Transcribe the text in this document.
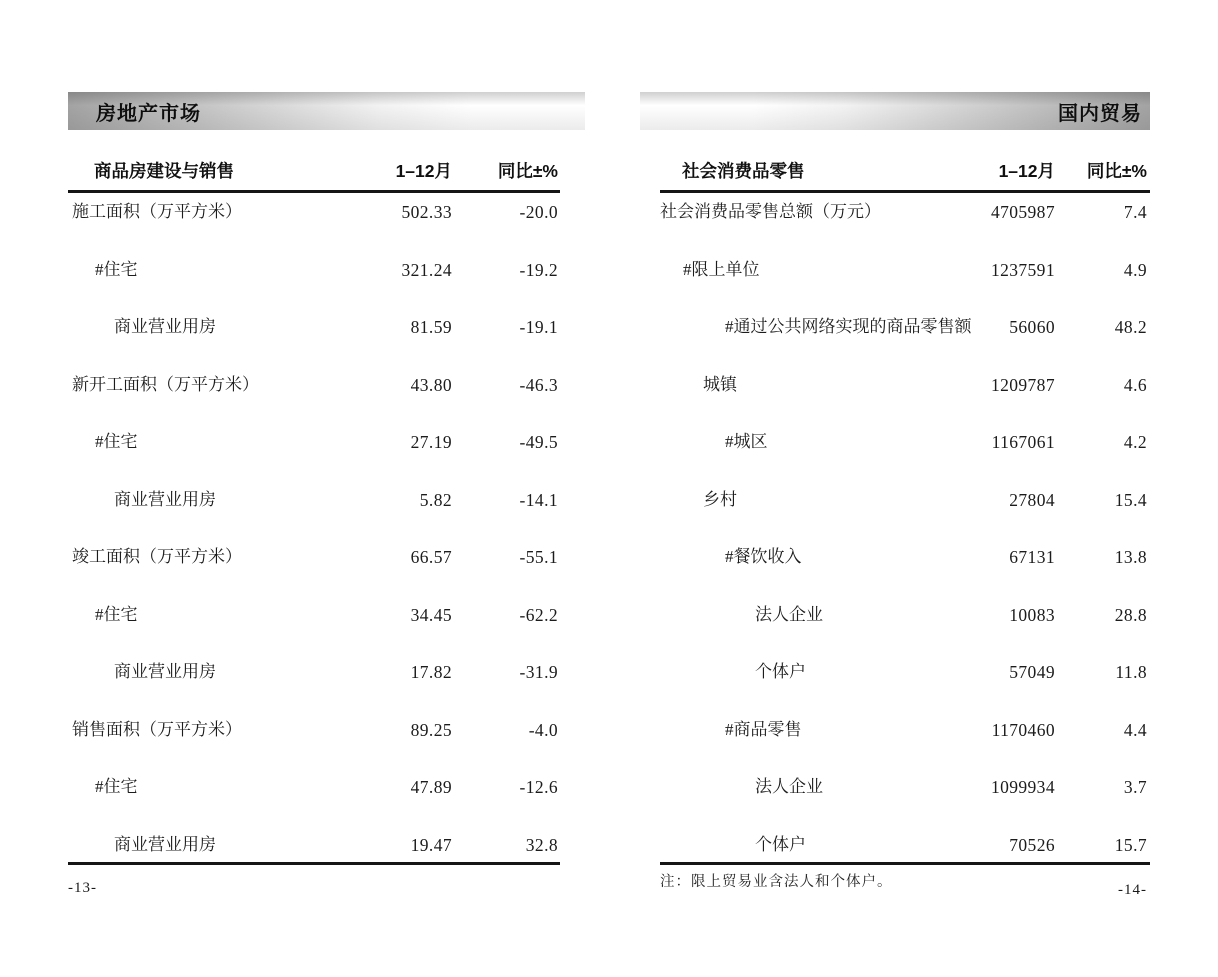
房地产市场
商品房建设与销售	1–12月	同比±%
施工面积（万平方米）	502.33	-20.0
#住宅	321.24	-19.2
商业营业用房	81.59	-19.1
新开工面积（万平方米）	43.80	-46.3
#住宅	27.19	-49.5
商业营业用房	5.82	-14.1
竣工面积（万平方米）	66.57	-55.1
#住宅	34.45	-62.2
商业营业用房	17.82	-31.9
销售面积（万平方米）	89.25	-4.0
#住宅	47.89	-12.6
商业营业用房	19.47	32.8
-13-
国内贸易
社会消费品零售	1–12月	同比±%
社会消费品零售总额（万元）	4705987	7.4
#限上单位	1237591	4.9
#通过公共网络实现的商品零售额	56060	48.2
城镇	1209787	4.6
#城区	1167061	4.2
乡村	27804	15.4
#餐饮收入	67131	13.8
法人企业	10083	28.8
个体户	57049	11.8
#商品零售	1170460	4.4
法人企业	1099934	3.7
个体户	70526	15.7
注：限上贸易业含法人和个体户。	-14-
